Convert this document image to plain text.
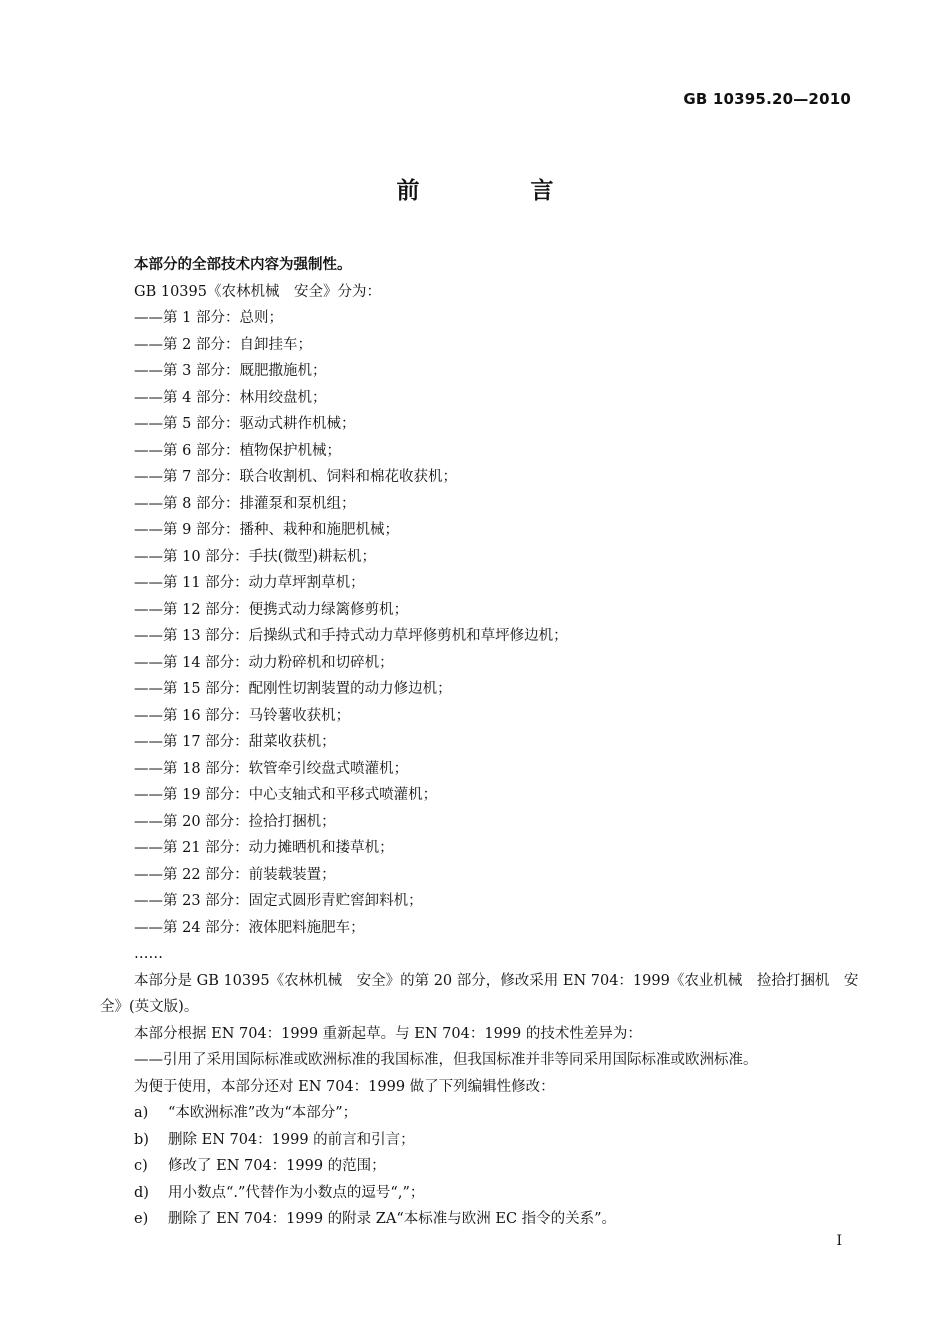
GB 10395.20—2010
前　言
本部分的全部技术内容为强制性。
GB 10395《农林机械　安全》分为：
——第 1 部分：总则；
——第 2 部分：自卸挂车；
——第 3 部分：厩肥撒施机；
——第 4 部分：林用绞盘机；
——第 5 部分：驱动式耕作机械；
——第 6 部分：植物保护机械；
——第 7 部分：联合收割机、饲料和棉花收获机；
——第 8 部分：排灌泵和泵机组；
——第 9 部分：播种、栽种和施肥机械；
——第 10 部分：手扶(微型)耕耘机；
——第 11 部分：动力草坪割草机；
——第 12 部分：便携式动力绿篱修剪机；
——第 13 部分：后操纵式和手持式动力草坪修剪机和草坪修边机；
——第 14 部分：动力粉碎机和切碎机；
——第 15 部分：配刚性切割装置的动力修边机；
——第 16 部分：马铃薯收获机；
——第 17 部分：甜菜收获机；
——第 18 部分：软管牵引绞盘式喷灌机；
——第 19 部分：中心支轴式和平移式喷灌机；
——第 20 部分：捡拾打捆机；
——第 21 部分：动力摊晒机和搂草机；
——第 22 部分：前装载装置；
——第 23 部分：固定式圆形青贮窖卸料机；
——第 24 部分：液体肥料施肥车；
……
本部分是 GB 10395《农林机械　安全》的第 20 部分，修改采用 EN 704：1999《农业机械　捡拾打捆机　安全》(英文版)。
本部分根据 EN 704：1999 重新起草。与 EN 704：1999 的技术性差异为：
——引用了采用国际标准或欧洲标准的我国标准，但我国标准并非等同采用国际标准或欧洲标准。
为便于使用，本部分还对 EN 704：1999 做了下列编辑性修改：
a) “本欧洲标准”改为“本部分”；
b) 删除 EN 704：1999 的前言和引言；
c) 修改了 EN 704：1999 的范围；
d) 用小数点“.”代替作为小数点的逗号“,”；
e) 删除了 EN 704：1999 的附录 ZA“本标准与欧洲 EC 指令的关系”。
I
